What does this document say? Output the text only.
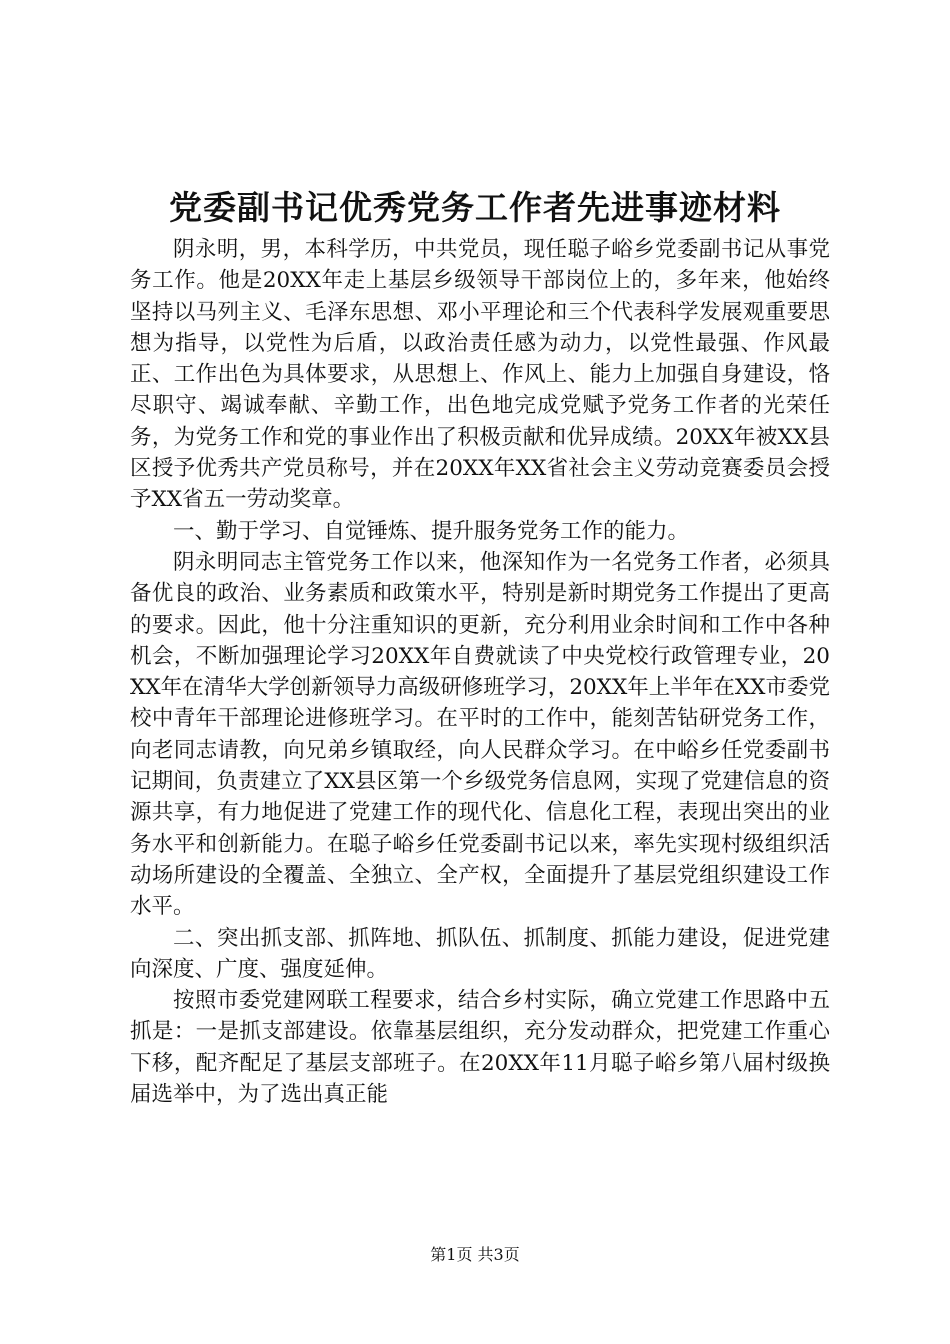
党委副书记优秀党务工作者先进事迹材料

阴永明，男，本科学历，中共党员，现任聪子峪乡党委副书记从事党务工作。他是20XX年走上基层乡级领导干部岗位上的，多年来，他始终坚持以马列主义、毛泽东思想、邓小平理论和三个代表科学发展观重要思想为指导，以党性为后盾，以政治责任感为动力，以党性最强、作风最正、工作出色为具体要求，从思想上、作风上、能力上加强自身建设，恪尽职守、竭诚奉献、辛勤工作，出色地完成党赋予党务工作者的光荣任务，为党务工作和党的事业作出了积极贡献和优异成绩。20XX年被XX县区授予优秀共产党员称号，并在20XX年XX省社会主义劳动竞赛委员会授予XX省五一劳动奖章。

一、勤于学习、自觉锤炼、提升服务党务工作的能力。

阴永明同志主管党务工作以来，他深知作为一名党务工作者，必须具备优良的政治、业务素质和政策水平，特别是新时期党务工作提出了更高的要求。因此，他十分注重知识的更新，充分利用业余时间和工作中各种机会，不断加强理论学习20XX年自费就读了中央党校行政管理专业，20XX年在清华大学创新领导力高级研修班学习，20XX年上半年在XX市委党校中青年干部理论进修班学习。在平时的工作中，能刻苦钻研党务工作，向老同志请教，向兄弟乡镇取经，向人民群众学习。在中峪乡任党委副书记期间，负责建立了XX县区第一个乡级党务信息网，实现了党建信息的资源共享，有力地促进了党建工作的现代化、信息化工程，表现出突出的业务水平和创新能力。在聪子峪乡任党委副书记以来，率先实现村级组织活动场所建设的全覆盖、全独立、全产权，全面提升了基层党组织建设工作水平。

二、突出抓支部、抓阵地、抓队伍、抓制度、抓能力建设，促进党建向深度、广度、强度延伸。

按照市委党建网联工程要求，结合乡村实际，确立党建工作思路中五抓是：一是抓支部建设。依靠基层组织，充分发动群众，把党建工作重心下移，配齐配足了基层支部班子。在20XX年11月聪子峪乡第八届村级换届选举中，为了选出真正能

第1页 共3页
